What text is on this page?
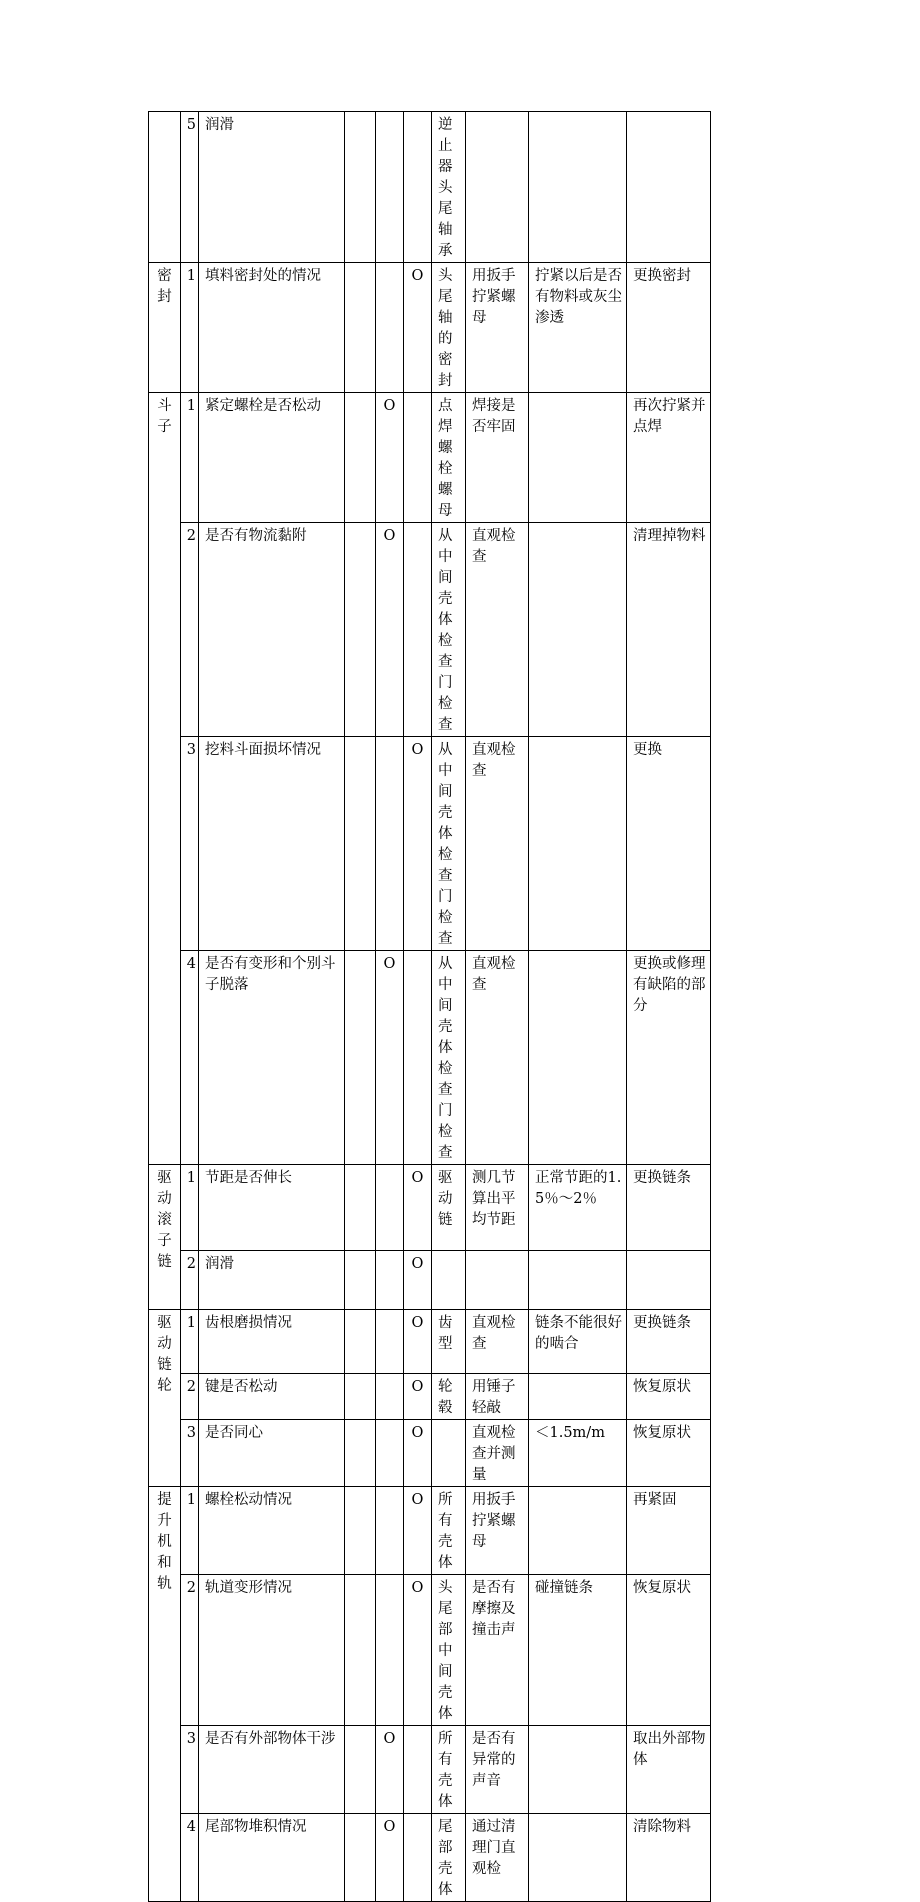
	5	润滑				逆止器头尾轴承			
密封	1	填料密封处的情况			O	头尾轴的密封	用扳手拧紧螺母	拧紧以后是否有物料或灰尘渗透	更换密封
斗子	1	紧定螺栓是否松动		O		点焊螺栓螺母	焊接是否牢固		再次拧紧并点焊
	2	是否有物流黏附		O		从中间壳体检查门检查	直观检查		清理掉物料
	3	挖料斗面损坏情况			O	从中间壳体检查门检查	直观检查		更换
	4	是否有变形和个别斗子脱落		O		从中间壳体检查门检查	直观检查		更换或修理有缺陷的部分
驱动滚子链	1	节距是否伸长			O	驱动链	测几节算出平均节距	正常节距的1.5％～2％	更换链条
	2	润滑			O				
驱动链轮	1	齿根磨损情况			O	齿型	直观检查	链条不能很好的啮合	更换链条
	2	键是否松动			O	轮毂	用锤子轻敲		恢复原状
	3	是否同心			O		直观检查并测量	＜1.5m/m	恢复原状
提升机和轨	1	螺栓松动情况			O	所有壳体	用扳手拧紧螺母		再紧固
	2	轨道变形情况			O	头尾部中间壳体	是否有摩擦及撞击声	碰撞链条	恢复原状
	3	是否有外部物体干涉		O		所有壳体	是否有异常的声音		取出外部物体
	4	尾部物堆积情况		O		尾部壳体	通过清理门直观检		清除物料
